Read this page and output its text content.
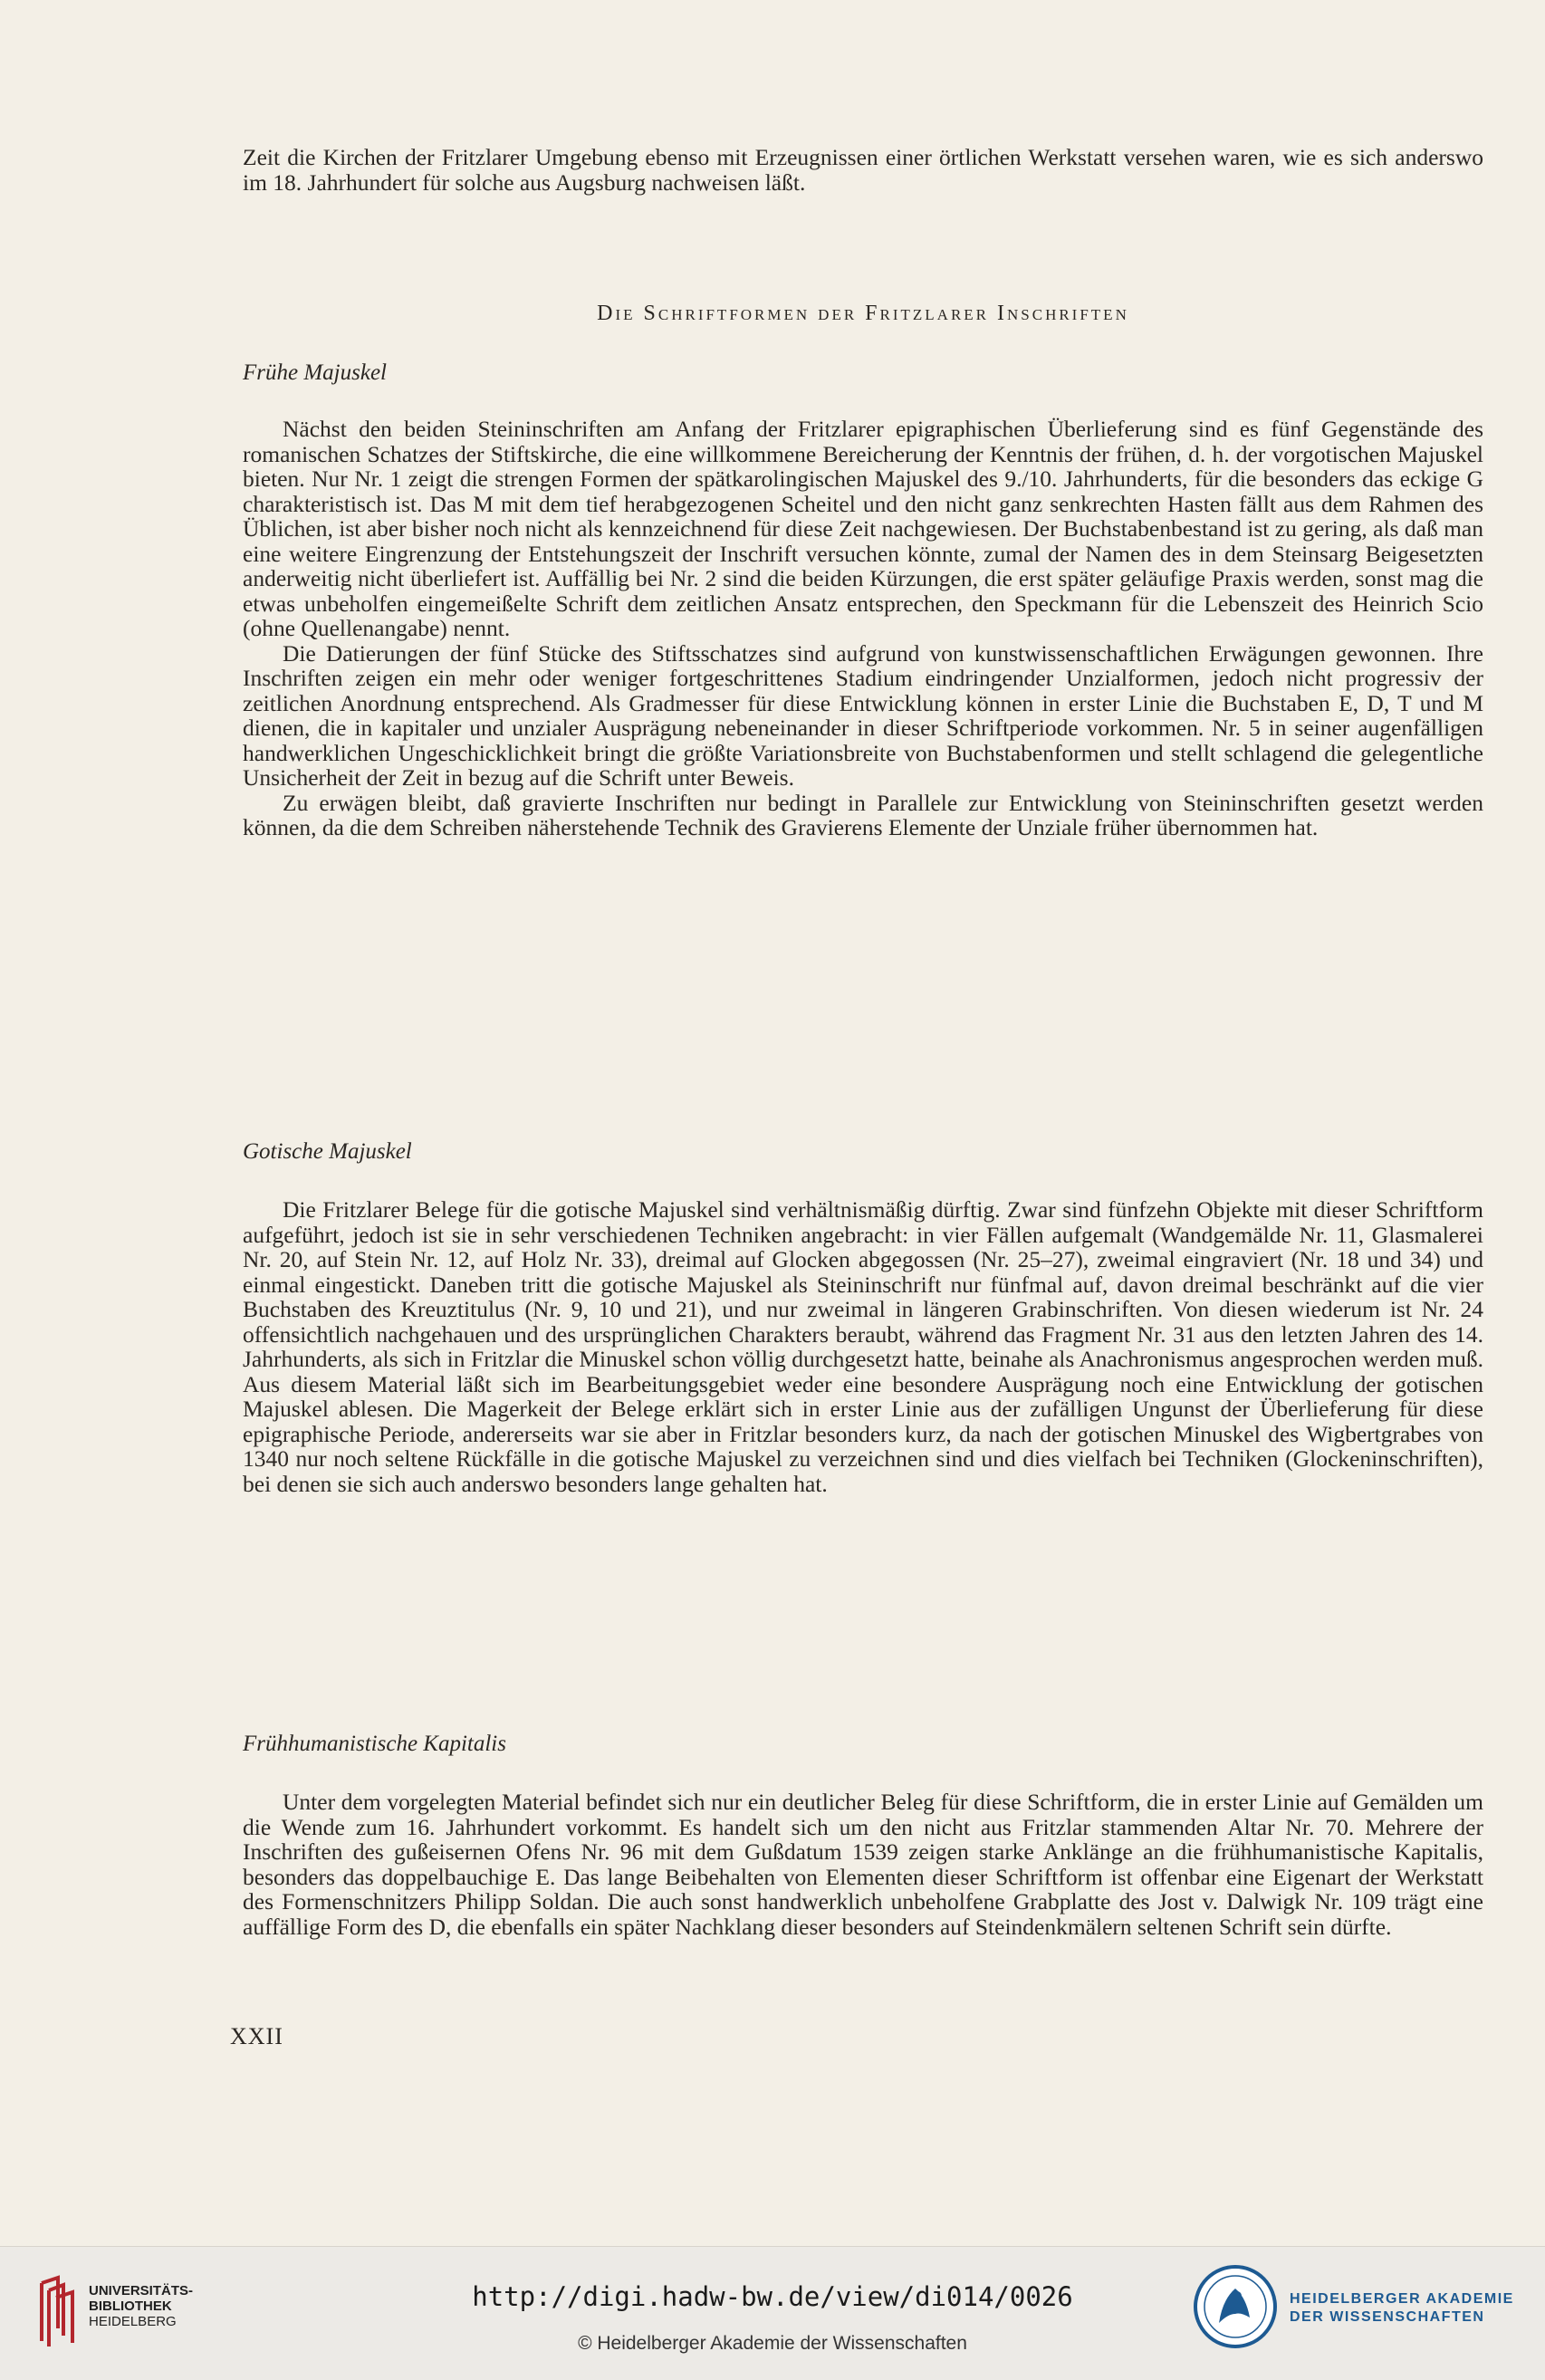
Zeit die Kirchen der Fritzlarer Umgebung ebenso mit Erzeugnissen einer örtlichen Werkstatt versehen waren, wie es sich anderswo im 18. Jahrhundert für solche aus Augsburg nachweisen läßt.

Die Schriftformen der Fritzlarer Inschriften
Frühe Majuskel

Nächst den beiden Steininschriften am Anfang der Fritzlarer epigraphischen Überlieferung sind es fünf Gegenstände des romanischen Schatzes der Stiftskirche, die eine willkommene Bereicherung der Kenntnis der frühen, d. h. der vorgotischen Majuskel bieten. Nur Nr. 1 zeigt die strengen Formen der spätkarolingischen Majuskel des 9./10. Jahrhunderts, für die besonders das eckige G charakteristisch ist. Das M mit dem tief herabgezogenen Scheitel und den nicht ganz senkrechten Hasten fällt aus dem Rahmen des Üblichen, ist aber bisher noch nicht als kennzeichnend für diese Zeit nachgewiesen. Der Buchstabenbestand ist zu gering, als daß man eine weitere Eingrenzung der Entstehungszeit der Inschrift versuchen könnte, zumal der Namen des in dem Steinsarg Beigesetzten anderweitig nicht überliefert ist. Auffällig bei Nr. 2 sind die beiden Kürzungen, die erst später geläufige Praxis werden, sonst mag die etwas unbeholfen eingemeißelte Schrift dem zeitlichen Ansatz entsprechen, den Speckmann für die Lebenszeit des Heinrich Scio (ohne Quellenangabe) nennt.

Die Datierungen der fünf Stücke des Stiftsschatzes sind aufgrund von kunstwissenschaftlichen Erwägungen gewonnen. Ihre Inschriften zeigen ein mehr oder weniger fortgeschrittenes Stadium eindringender Unzialformen, jedoch nicht progressiv der zeitlichen Anordnung entsprechend. Als Gradmesser für diese Entwicklung können in erster Linie die Buchstaben E, D, T und M dienen, die in kapitaler und unzialer Ausprägung nebeneinander in dieser Schriftperiode vorkommen. Nr. 5 in seiner augenfälligen handwerklichen Ungeschicklichkeit bringt die größte Variationsbreite von Buchstabenformen und stellt schlagend die gelegentliche Unsicherheit der Zeit in bezug auf die Schrift unter Beweis.

Zu erwägen bleibt, daß gravierte Inschriften nur bedingt in Parallele zur Entwicklung von Steininschriften gesetzt werden können, da die dem Schreiben näherstehende Technik des Gravierens Elemente der Unziale früher übernommen hat.

Gotische Majuskel

Die Fritzlarer Belege für die gotische Majuskel sind verhältnismäßig dürftig. Zwar sind fünfzehn Objekte mit dieser Schriftform aufgeführt, jedoch ist sie in sehr verschiedenen Techniken angebracht: in vier Fällen aufgemalt (Wandgemälde Nr. 11, Glasmalerei Nr. 20, auf Stein Nr. 12, auf Holz Nr. 33), dreimal auf Glocken abgegossen (Nr. 25–27), zweimal eingraviert (Nr. 18 und 34) und einmal eingestickt. Daneben tritt die gotische Majuskel als Steininschrift nur fünfmal auf, davon dreimal beschränkt auf die vier Buchstaben des Kreuztitulus (Nr. 9, 10 und 21), und nur zweimal in längeren Grabinschriften. Von diesen wiederum ist Nr. 24 offensichtlich nachgehauen und des ursprünglichen Charakters beraubt, während das Fragment Nr. 31 aus den letzten Jahren des 14. Jahrhunderts, als sich in Fritzlar die Minuskel schon völlig durchgesetzt hatte, beinahe als Anachronismus angesprochen werden muß. Aus diesem Material läßt sich im Bearbeitungsgebiet weder eine besondere Ausprägung noch eine Entwicklung der gotischen Majuskel ablesen. Die Magerkeit der Belege erklärt sich in erster Linie aus der zufälligen Ungunst der Überlieferung für diese epigraphische Periode, andererseits war sie aber in Fritzlar besonders kurz, da nach der gotischen Minuskel des Wigbertgrabes von 1340 nur noch seltene Rückfälle in die gotische Majuskel zu verzeichnen sind und dies vielfach bei Techniken (Glockeninschriften), bei denen sie sich auch anderswo besonders lange gehalten hat.

Frühhumanistische Kapitalis

Unter dem vorgelegten Material befindet sich nur ein deutlicher Beleg für diese Schriftform, die in erster Linie auf Gemälden um die Wende zum 16. Jahrhundert vorkommt. Es handelt sich um den nicht aus Fritzlar stammenden Altar Nr. 70. Mehrere der Inschriften des gußeisernen Ofens Nr. 96 mit dem Gußdatum 1539 zeigen starke Anklänge an die frühhumanistische Kapitalis, besonders das doppelbauchige E. Das lange Beibehalten von Elementen dieser Schriftform ist offenbar eine Eigenart der Werkstatt des Formenschnitzers Philipp Soldan. Die auch sonst handwerklich unbeholfene Grabplatte des Jost v. Dalwigk Nr. 109 trägt eine auffällige Form des D, die ebenfalls ein später Nachklang dieser besonders auf Steindenkmälern seltenen Schrift sein dürfte.

XXII
UNIVERSITÄTS-
BIBLIOTHEK
HEIDELBERG
http://digi.hadw-bw.de/view/di014/0026
© Heidelberger Akademie der Wissenschaften
HEIDELBERGER AKADEMIE
DER WISSENSCHAFTEN
